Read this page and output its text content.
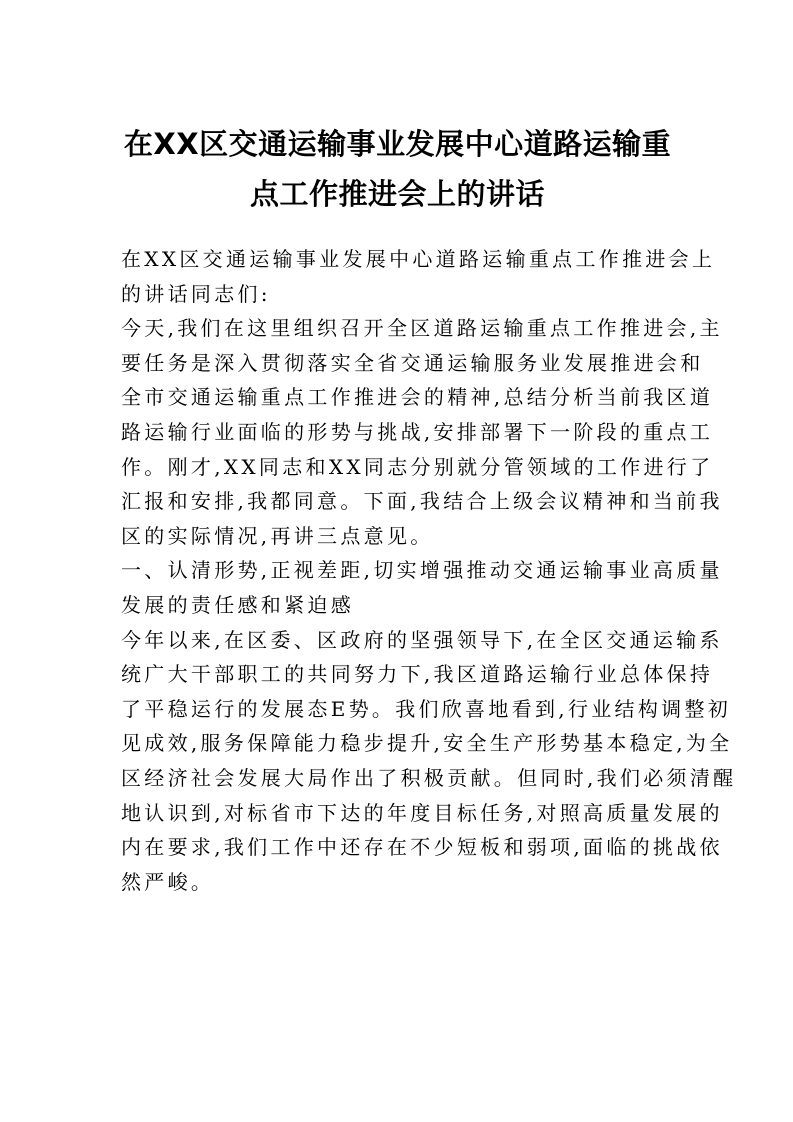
在XX区交通运输事业发展中心道路运输重
点工作推进会上的讲话
在XX区交通运输事业发展中心道路运输重点工作推进会上
的讲话同志们:
今天,我们在这里组织召开全区道路运输重点工作推进会,主
要任务是深入贯彻落实全省交通运输服务业发展推进会和
全市交通运输重点工作推进会的精神,总结分析当前我区道
路运输行业面临的形势与挑战,安排部署下一阶段的重点工
作。刚才,XX同志和XX同志分别就分管领域的工作进行了
汇报和安排,我都同意。下面,我结合上级会议精神和当前我
区的实际情况,再讲三点意见。
一、认清形势,正视差距,切实增强推动交通运输事业高质量
发展的责任感和紧迫感
今年以来,在区委、区政府的坚强领导下,在全区交通运输系
统广大干部职工的共同努力下,我区道路运输行业总体保持
了平稳运行的发展态E势。我们欣喜地看到,行业结构调整初
见成效,服务保障能力稳步提升,安全生产形势基本稳定,为全
区经济社会发展大局作出了积极贡献。但同时,我们必须清醒
地认识到,对标省市下达的年度目标任务,对照高质量发展的
内在要求,我们工作中还存在不少短板和弱项,面临的挑战依
然严峻。
